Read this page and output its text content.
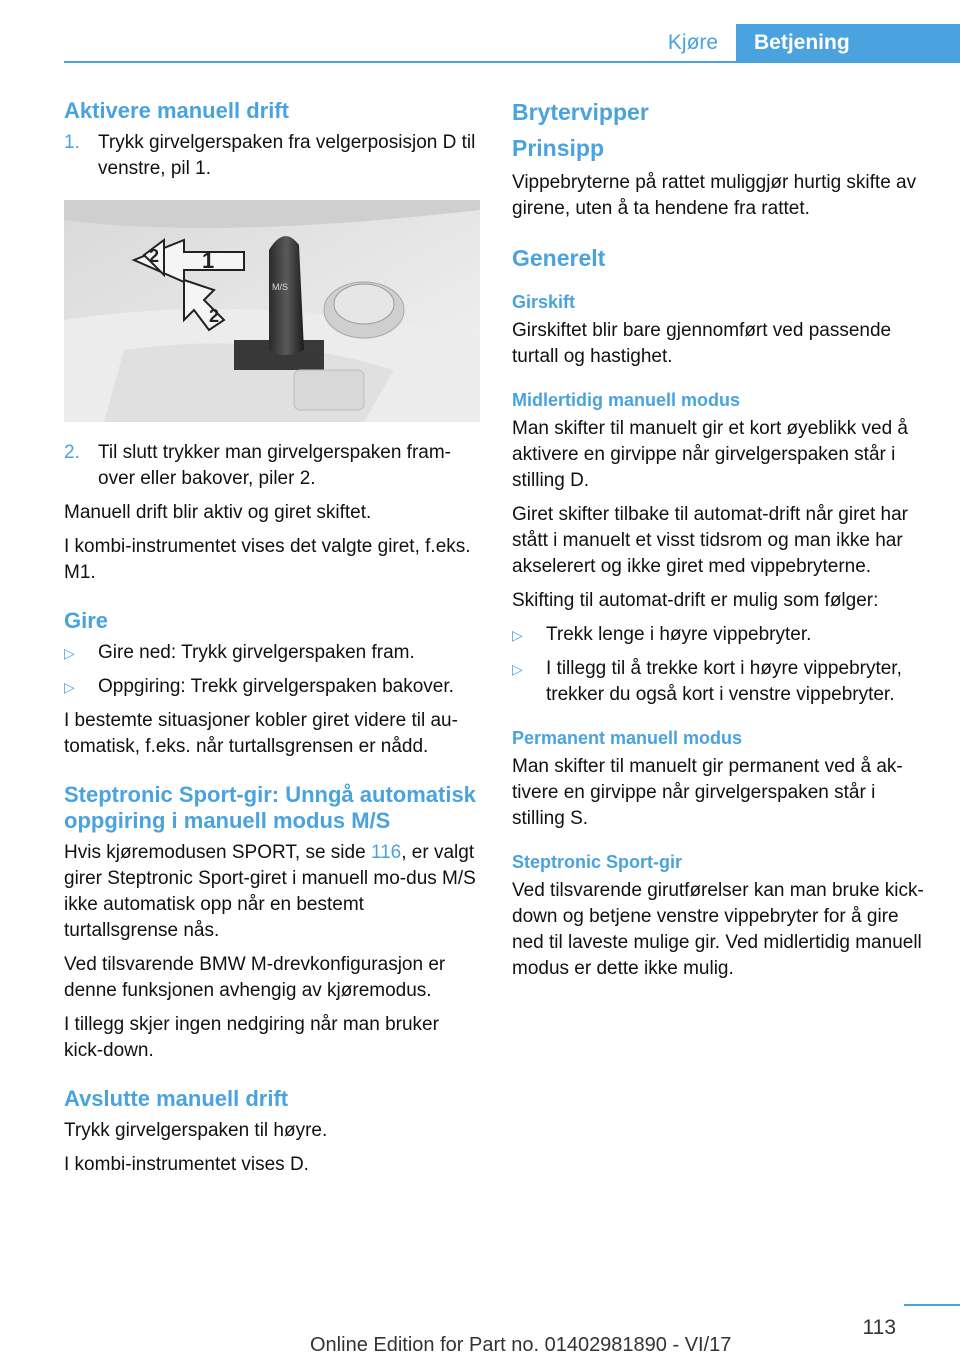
Kjøre	Betjening
Aktivere manuell drift
1. Trykk girvelgerspaken fra velgerposisjon D til venstre, pil 1.
M/S
1
2
2
2. Til slutt trykker man girvelgerspaken fram-over eller bakover, piler 2.

Manuell drift blir aktiv og giret skiftet.

I kombi-instrumentet vises det valgte giret, f.eks. M1.

Gire
▷	Gire ned: Trykk girvelgerspaken fram.
▷	Oppgiring: Trekk girvelgerspaken bakover.

I bestemte situasjoner kobler giret videre til au-tomatisk, f.eks. når turtallsgrensen er nådd.

Steptronic Sport-gir: Unngå automatisk oppgiring i manuell modus M/S

Hvis kjøremodusen SPORT, se side 116, er valgt girer Steptronic Sport-giret i manuell mo-dus M/S ikke automatisk opp når en bestemt turtallsgrense nås.

Ved tilsvarende BMW M-drevkonfigurasjon er denne funksjonen avhengig av kjøremodus.

I tillegg skjer ingen nedgiring når man bruker kick-down.

Avslutte manuell drift

Trykk girvelgerspaken til høyre.

I kombi-instrumentet vises D.

Brytervipper
Prinsipp

Vippebryterne på rattet muliggjør hurtig skifte av girene, uten å ta hendene fra rattet.

Generelt
Girskift

Girskiftet blir bare gjennomført ved passende turtall og hastighet.

Midlertidig manuell modus

Man skifter til manuelt gir et kort øyeblikk ved å aktivere en girvippe når girvelgerspaken står i stilling D.

Giret skifter tilbake til automat-drift når giret har stått i manuelt et visst tidsrom og man ikke har akselerert og ikke giret med vippebryterne.

Skifting til automat-drift er mulig som følger:

▷	Trekk lenge i høyre vippebryter.
▷	I tillegg til å trekke kort i høyre vippebryter, trekker du også kort i venstre vippebryter.
Permanent manuell modus

Man skifter til manuelt gir permanent ved å ak-tivere en girvippe når girvelgerspaken står i stilling S.

Steptronic Sport-gir

Ved tilsvarende girutførelser kan man bruke kick-down og betjene venstre vippebryter for å gire ned til laveste mulige gir. Ved midlertidig manuell modus er dette ikke mulig.

113
Online Edition for Part no. 01402981890 - VI/17
